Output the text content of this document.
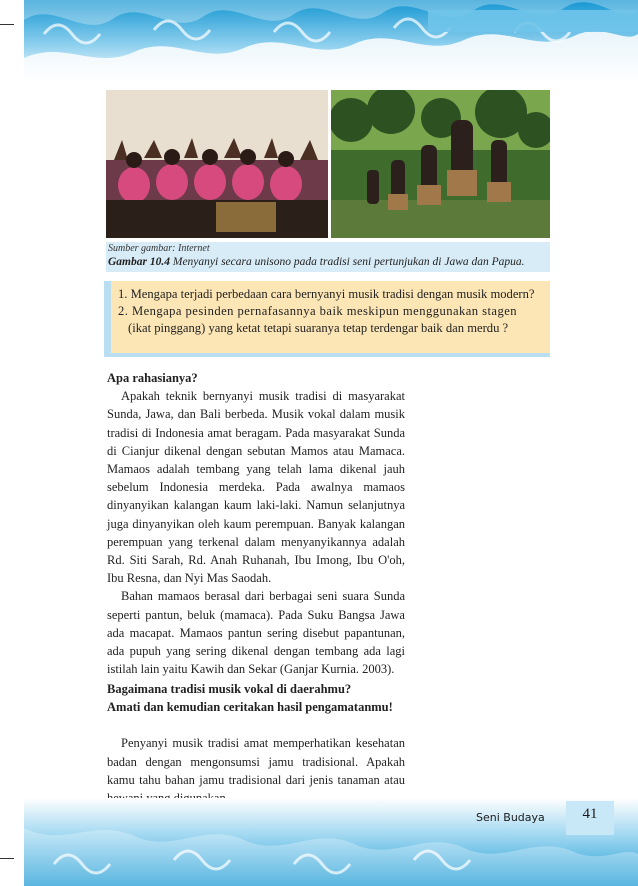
Sumber gambar: Internet
Gambar 10.4 Menyanyi secara unisono pada tradisi seni pertunjukan di Jawa dan Papua.
1. Mengapa terjadi perbedaan cara bernyanyi musik tradisi dengan musik modern?
2. Mengapa pesinden pernafasannya baik meskipun menggunakan stagen
(ikat pinggang) yang ketat tetapi suaranya tetap terdengar baik dan merdu ?

Apa rahasianya?

Apakah teknik bernyanyi musik tradisi di masyarakat Sunda, Jawa, dan Bali berbeda. Musik vokal dalam musik tradisi di Indonesia amat beragam. Pada masyarakat Sunda di Cianjur dikenal dengan sebutan Mamos atau Mamaca. Mamaos adalah tembang yang telah lama dikenal jauh sebelum Indonesia merdeka. Pada awalnya mamaos dinyanyikan kalangan kaum laki-laki. Namun selanjutnya juga dinyanyikan oleh kaum perempuan. Banyak kalangan perempuan yang terkenal dalam menyanyikannya adalah Rd. Siti Sarah, Rd. Anah Ruhanah, Ibu Imong, Ibu O'oh, Ibu Resna, dan Nyi Mas Saodah.

Bahan mamaos berasal dari berbagai seni suara Sunda seperti pantun, beluk (mamaca). Pada Suku Bangsa Jawa ada macapat. Mamaos pantun sering disebut papantunan, ada pupuh yang sering dikenal dengan tembang ada lagi istilah lain yaitu Kawih dan Sekar (Ganjar Kurnia. 2003).

Bagaimana tradisi musik vokal di daerahmu?

Amati dan kemudian ceritakan hasil pengamatanmu!

Penyanyi musik tradisi amat memperhatikan kesehatan badan dengan mengonsumsi jamu tradisional. Apakah kamu tahu bahan jamu tradisional dari jenis tanaman atau

Seni Budaya	41
